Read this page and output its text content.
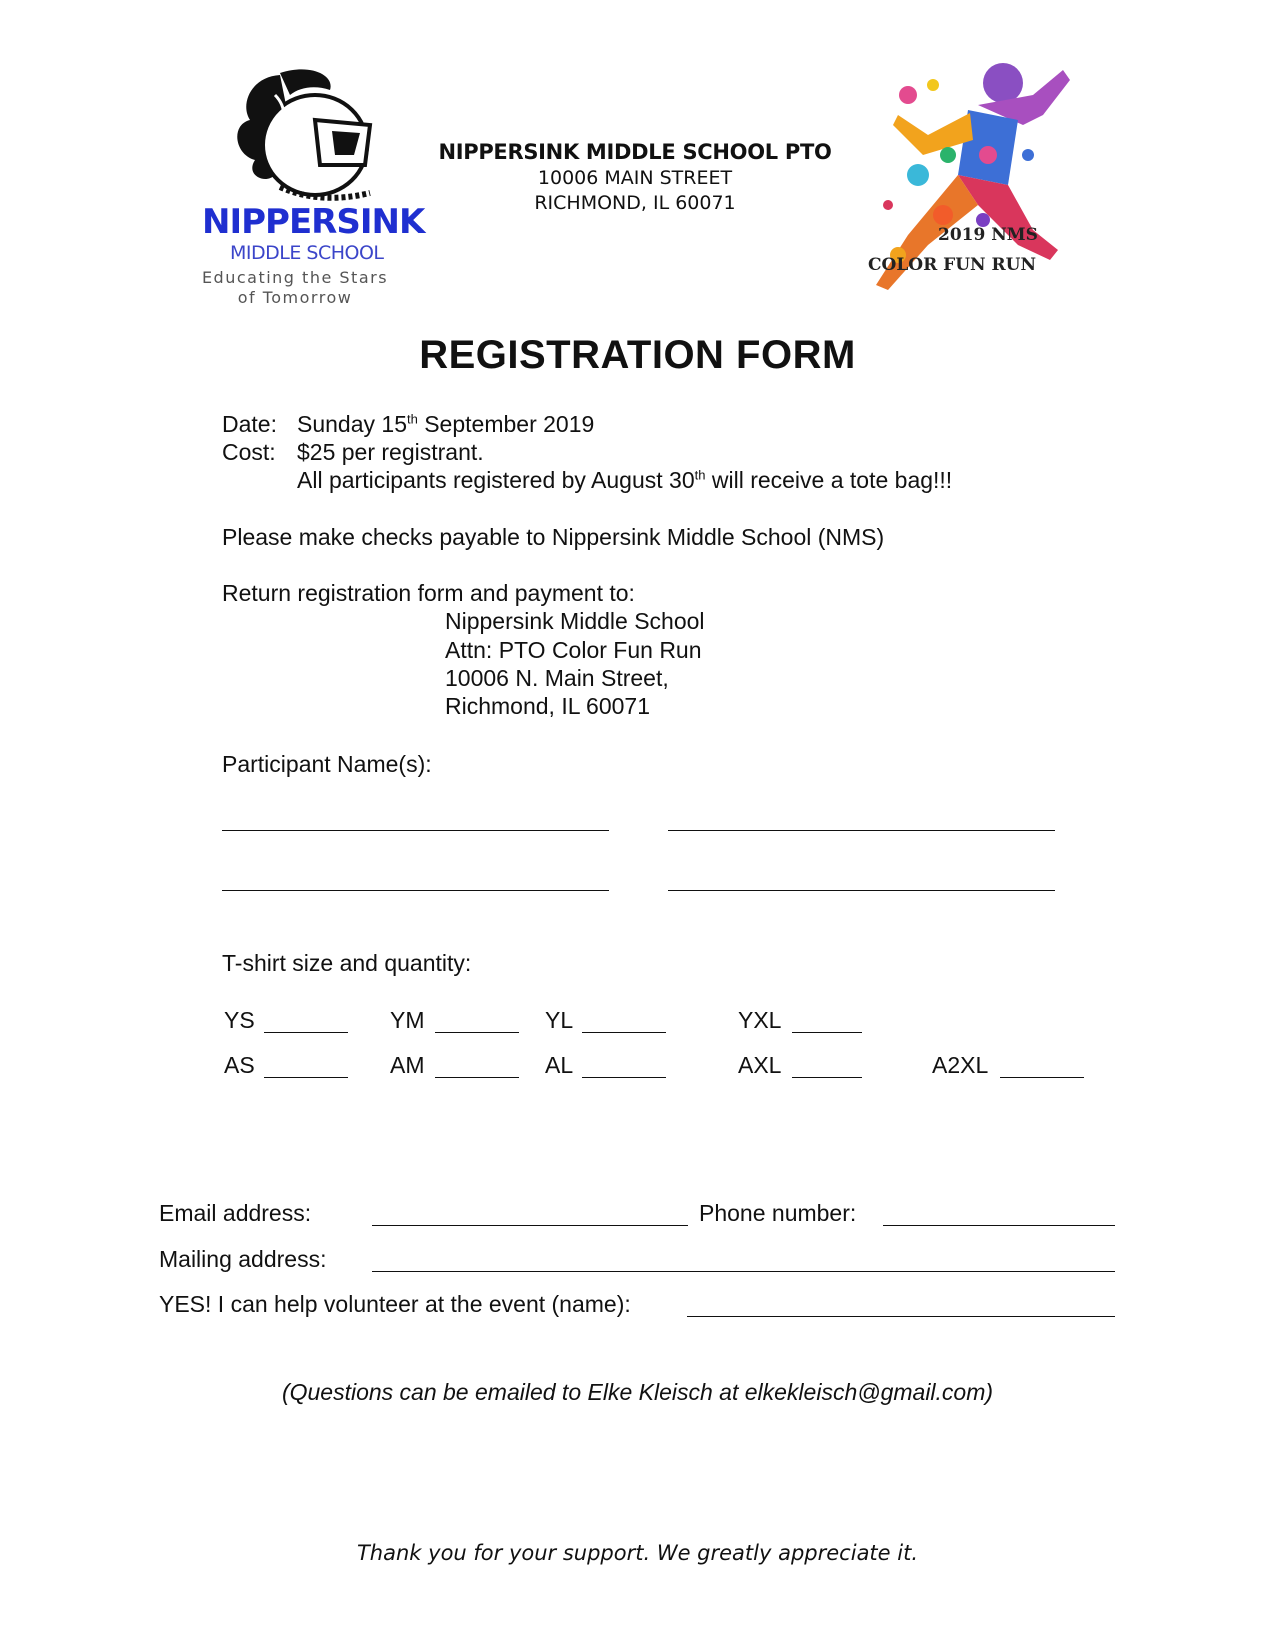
NIPPERSINK
MIDDLE SCHOOL
Educating the Stars
of Tomorrow
NIPPERSINK MIDDLE SCHOOL PTO
10006 MAIN STREET
RICHMOND, IL 60071
2019 NMS
COLOR FUN RUN
REGISTRATION FORM
Date: Sunday 15th September 2019
Cost: $25 per registrant.
All participants registered by August 30th will receive a tote bag!!!
Please make checks payable to Nippersink Middle School (NMS)
Return registration form and payment to:
Nippersink Middle School
Attn: PTO Color Fun Run
10006 N. Main Street,
Richmond, IL 60071
Participant Name(s):
T-shirt size and quantity:
YS	YM	YL	YXL
AS	AM	AL	AXL	A2XL
Email address:	Phone number:
Mailing address:
YES! I can help volunteer at the event (name):
(Questions can be emailed to Elke Kleisch at elkekleisch@gmail.com)
Thank you for your support. We greatly appreciate it.
